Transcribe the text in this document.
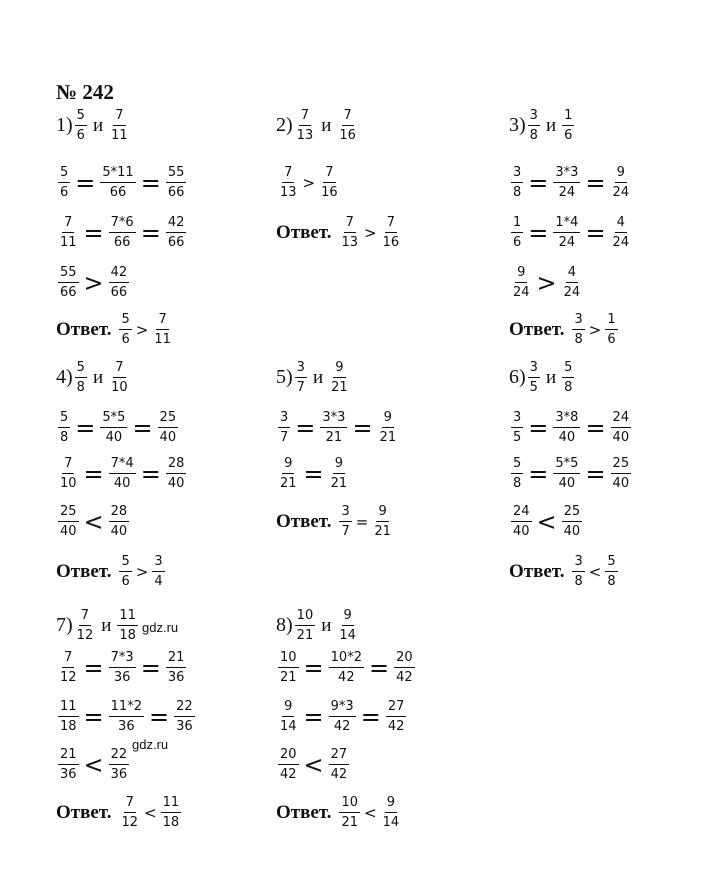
№ 242
$1) \frac{5}{6}$ и $\frac{7}{11}$
$\frac{5}{6} = \frac{5*11}{66} = \frac{55}{66}$
$\frac{7}{11} = \frac{7*6}{66} = \frac{42}{66}$
$\frac{55}{66} > \frac{42}{66}$
Ответ. $\frac{5}{6} > \frac{7}{11}$
$2) \frac{7}{13}$ и $\frac{7}{16}$
$\frac{7}{13} > \frac{7}{16}$
Ответ. $\frac{7}{13} > \frac{7}{16}$
$3) \frac{3}{8}$ и $\frac{1}{6}$
$\frac{3}{8} = \frac{3*3}{24} = \frac{9}{24}$
$\frac{1}{6} = \frac{1*4}{24} = \frac{4}{24}$
$\frac{9}{24} > \frac{4}{24}$
Ответ. $\frac{3}{8} > \frac{1}{6}$
$4) \frac{5}{8}$ и $\frac{7}{10}$
$\frac{5}{8} = \frac{5*5}{40} = \frac{25}{40}$
$\frac{7}{10} = \frac{7*4}{40} = \frac{28}{40}$
$\frac{25}{40} < \frac{28}{40}$
Ответ. $\frac{5}{6} > \frac{3}{4}$
$5) \frac{3}{7}$ и $\frac{9}{21}$
$\frac{3}{7} = \frac{3*3}{21} = \frac{9}{21}$
$\frac{9}{21} = \frac{9}{21}$
Ответ. $\frac{3}{7} = \frac{9}{21}$
$6) \frac{3}{5}$ и $\frac{5}{8}$
$\frac{3}{5} = \frac{3*8}{40} = \frac{24}{40}$
$\frac{5}{8} = \frac{5*5}{40} = \frac{25}{40}$
$\frac{24}{40} < \frac{25}{40}$
Ответ. $\frac{3}{8} < \frac{5}{8}$
$7) \frac{7}{12}$ и $\frac{11}{18}$
$\frac{7}{12} = \frac{7*3}{36} = \frac{21}{36}$
$\frac{11}{18} = \frac{11*2}{36} = \frac{22}{36}$
$\frac{21}{36} < \frac{22}{36}$
Ответ. $\frac{7}{12} < \frac{11}{18}$
$8) \frac{10}{21}$ и $\frac{9}{14}$
$\frac{10}{21} = \frac{10*2}{42} = \frac{20}{42}$
$\frac{9}{14} = \frac{9*3}{42} = \frac{27}{42}$
$\frac{20}{42} < \frac{27}{42}$
Ответ. $\frac{10}{21} < \frac{9}{14}$
gdz.ru
gdz.ru
